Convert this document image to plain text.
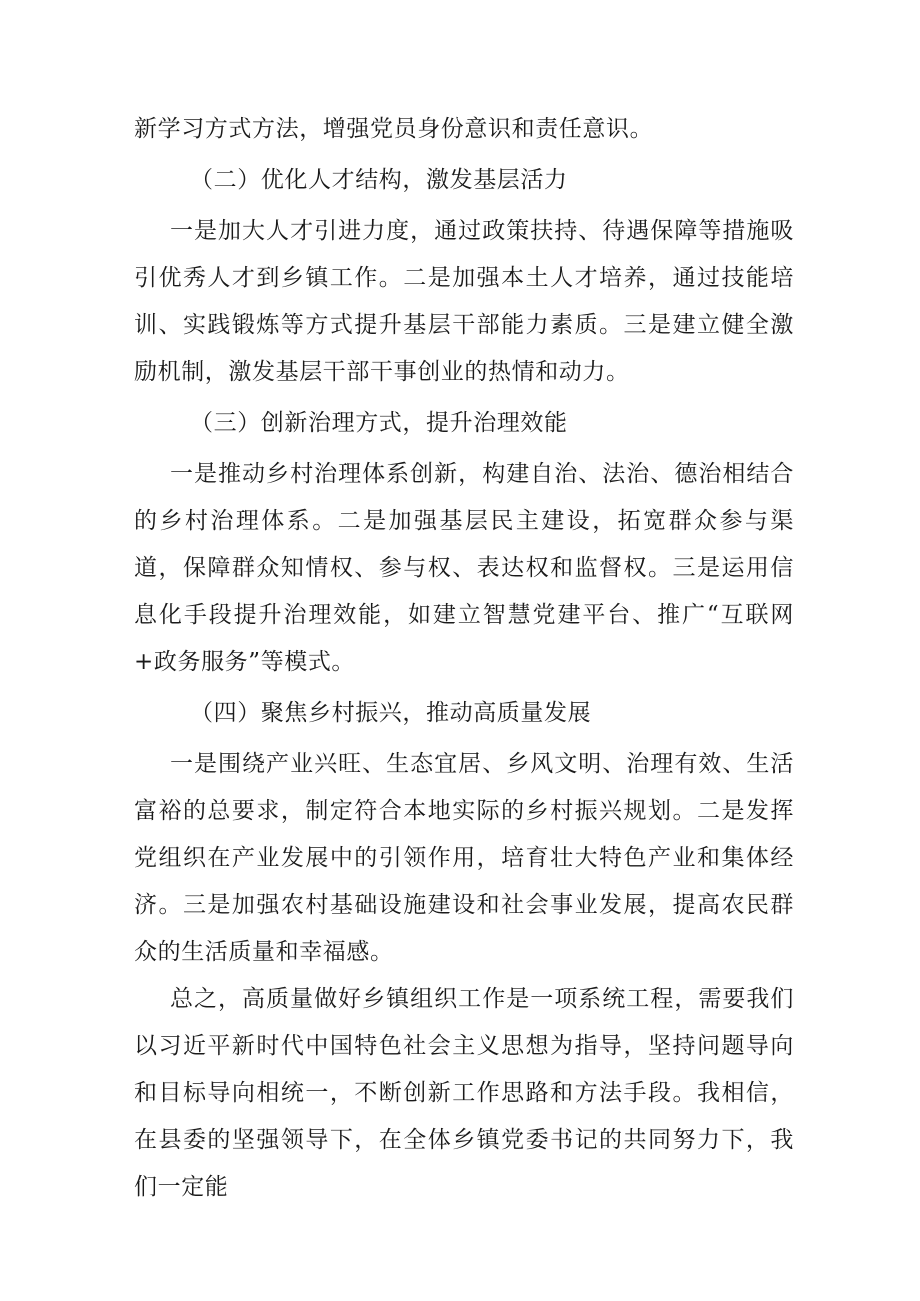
新学习方式方法，增强党员身份意识和责任意识。

（二）优化人才结构，激发基层活力

一是加大人才引进力度，通过政策扶持、待遇保障等措施吸引优秀人才到乡镇工作。二是加强本土人才培养，通过技能培训、实践锻炼等方式提升基层干部能力素质。三是建立健全激励机制，激发基层干部干事创业的热情和动力。

（三）创新治理方式，提升治理效能

一是推动乡村治理体系创新，构建自治、法治、德治相结合的乡村治理体系。二是加强基层民主建设，拓宽群众参与渠道，保障群众知情权、参与权、表达权和监督权。三是运用信息化手段提升治理效能，如建立智慧党建平台、推广“互联网+政务服务”等模式。

（四）聚焦乡村振兴，推动高质量发展

一是围绕产业兴旺、生态宜居、乡风文明、治理有效、生活富裕的总要求，制定符合本地实际的乡村振兴规划。二是发挥党组织在产业发展中的引领作用，培育壮大特色产业和集体经济。三是加强农村基础设施建设和社会事业发展，提高农民群众的生活质量和幸福感。

总之，高质量做好乡镇组织工作是一项系统工程，需要我们以习近平新时代中国特色社会主义思想为指导，坚持问题导向和目标导向相统一，不断创新工作思路和方法手段。我相信，在县委的坚强领导下，在全体乡镇党委书记的共同努力下，我们一定能
